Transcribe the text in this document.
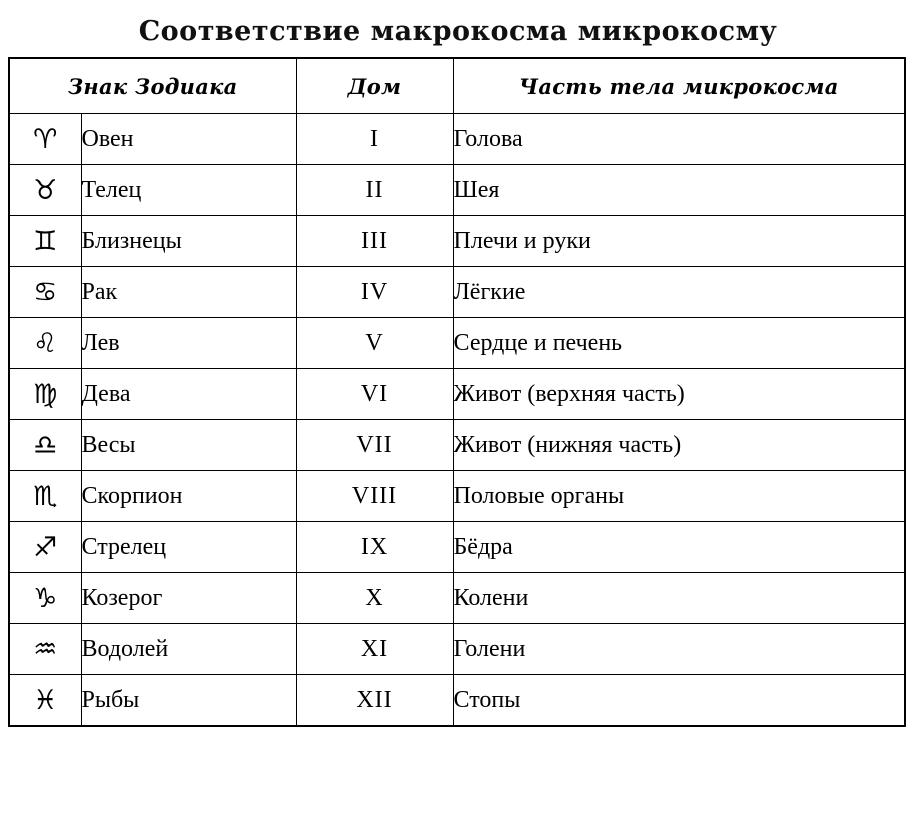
Соответствие макрокосма микрокосму
Знак Зодиака		Дом	Часть тела микрокосма
♈	Овен	I	Голова
♉	Телец	II	Шея
♊	Близнецы	III	Плечи и руки
♋	Рак	IV	Лёгкие
♌	Лев	V	Сердце и печень
♍	Дева	VI	Живот (верхняя часть)
♎	Весы	VII	Живот (нижняя часть)
♏	Скорпион	VIII	Половые органы
♐	Стрелец	IX	Бёдра
♑	Козерог	X	Колени
♒	Водолей	XI	Голени
♓	Рыбы	XII	Стопы
